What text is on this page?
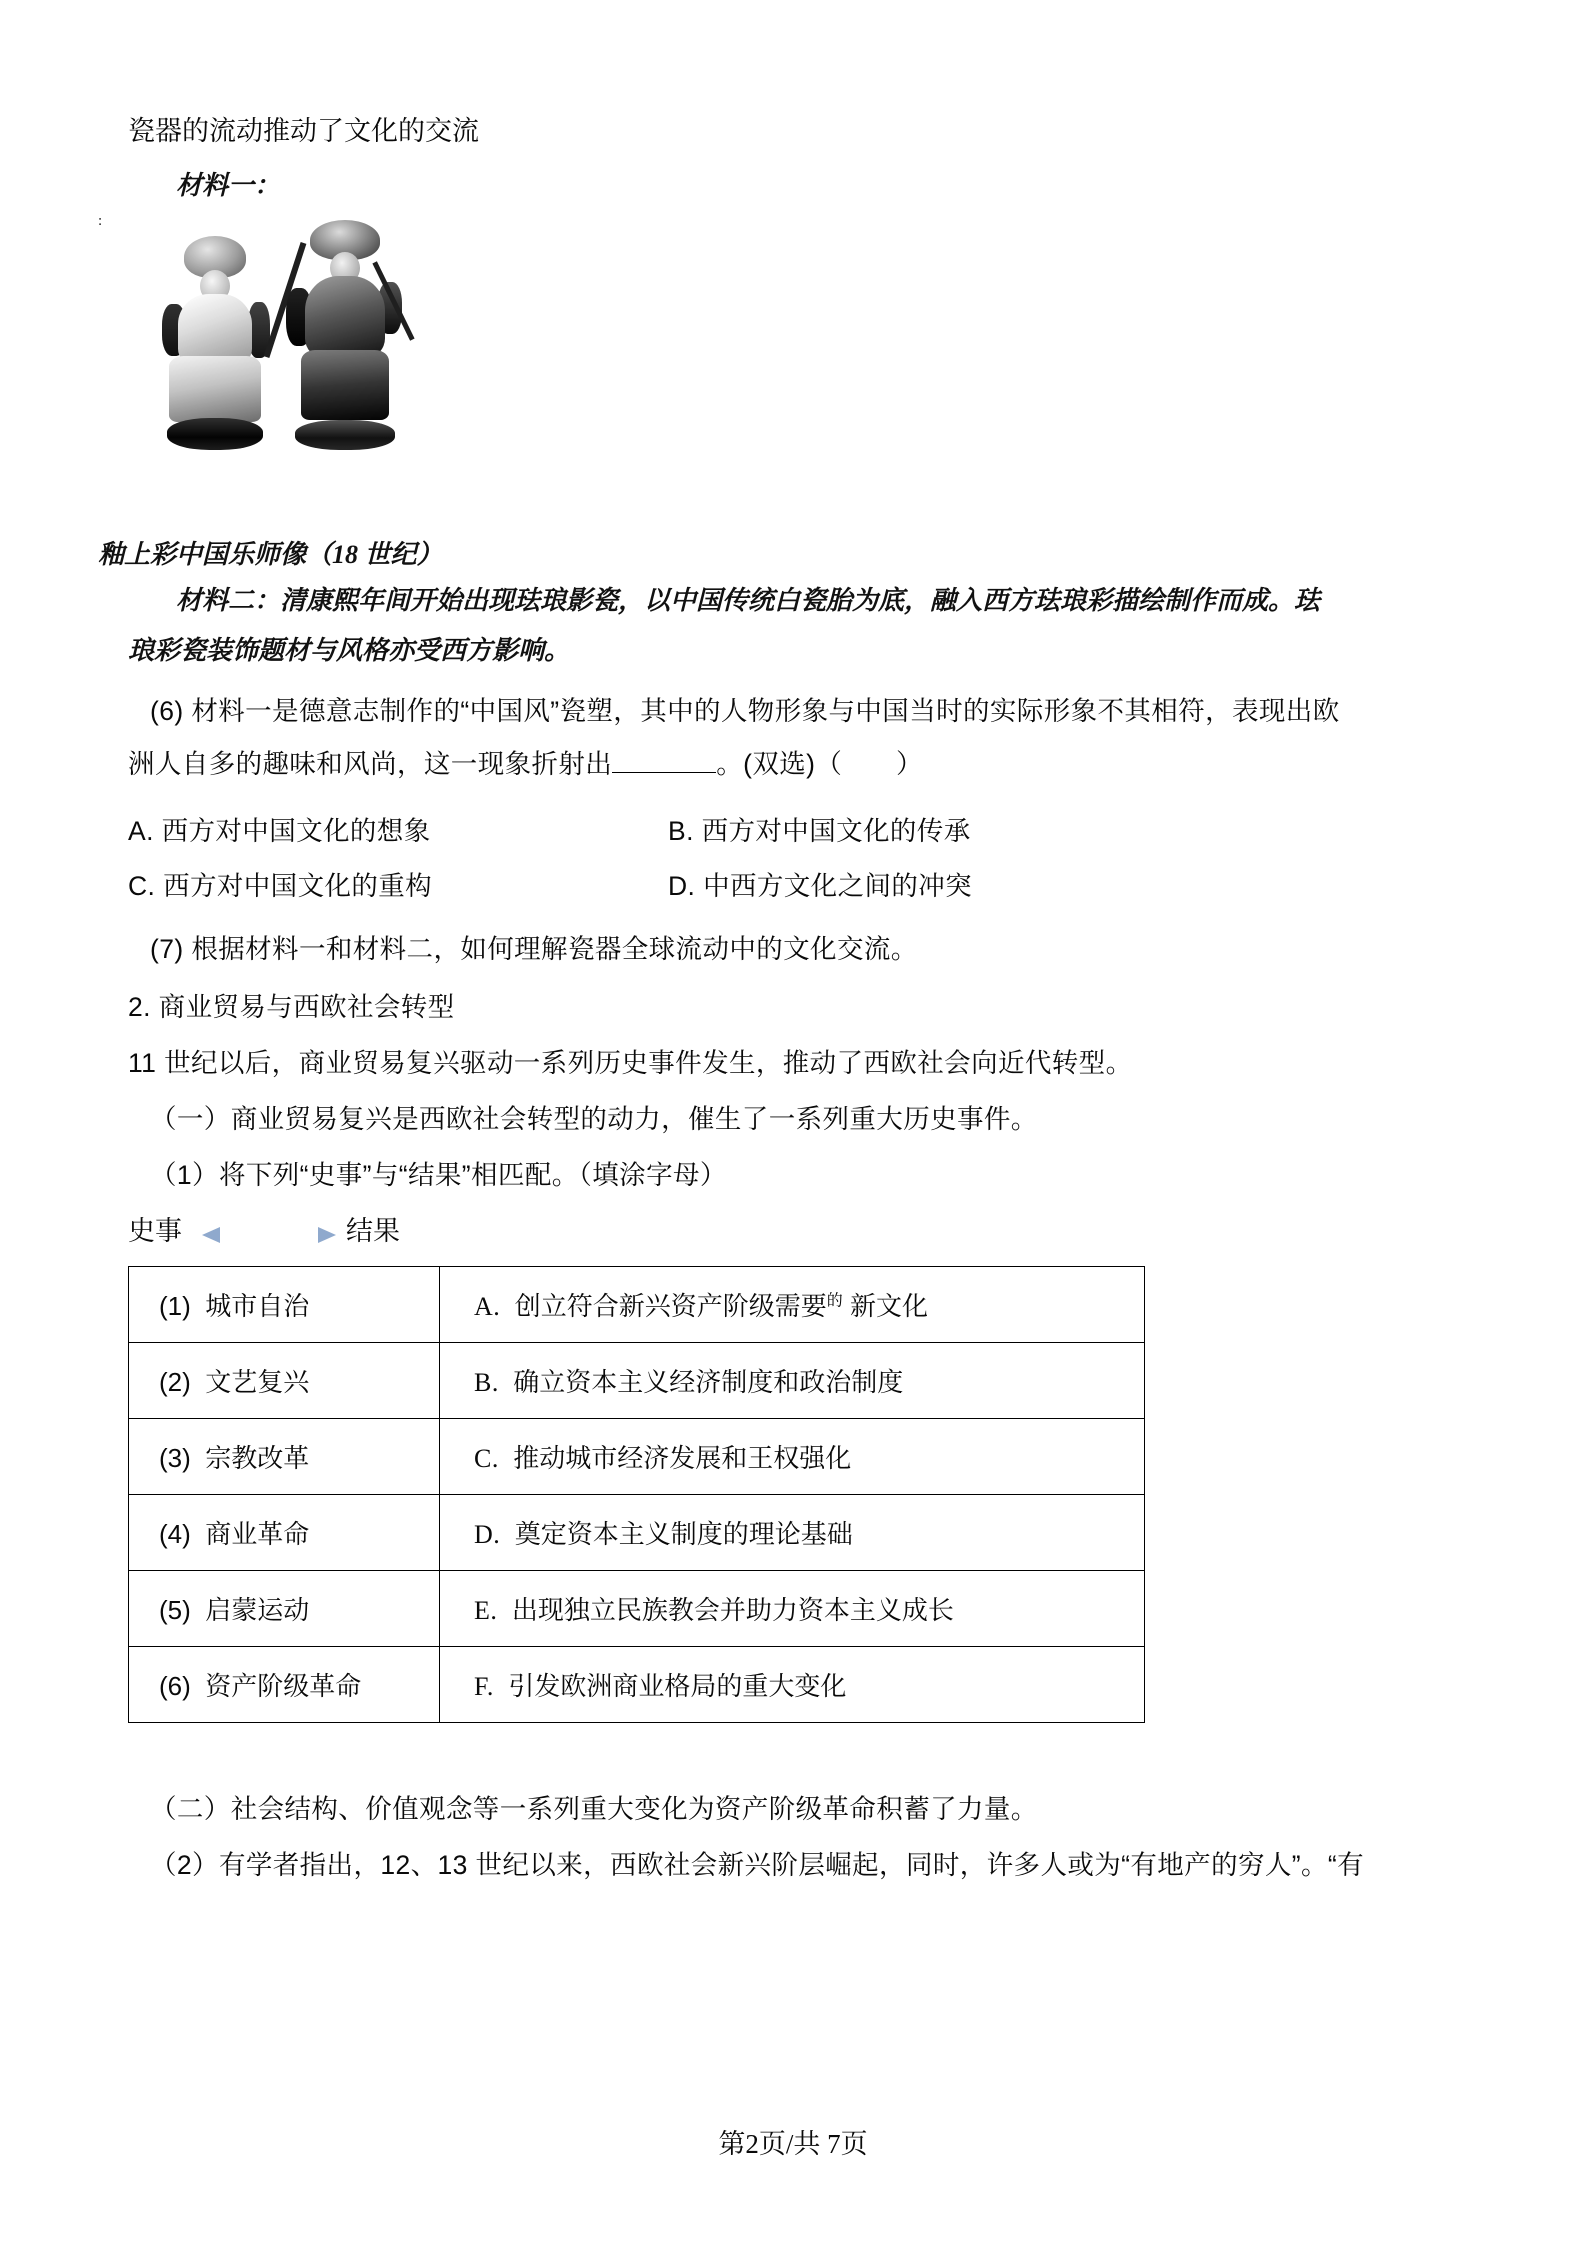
瓷器的流动推动了文化的交流
材料一：
:
釉上彩中国乐师像（18 世纪）
材料二：清康熙年间开始出现珐琅影瓷，以中国传统白瓷胎为底，融入西方珐琅彩描绘制作而成。珐
琅彩瓷装饰题材与风格亦受西方影响。
(6) 材料一是德意志制作的“中国风”瓷塑，其中的人物形象与中国当时的实际形象不其相符，表现出欧
洲人自多的趣味和风尚，这一现象折射出	。(双选)（　　）
A. 西方对中国文化的想象	B. 西方对中国文化的传承
C. 西方对中国文化的重构	D. 中西方文化之间的冲突
(7) 根据材料一和材料二，如何理解瓷器全球流动中的文化交流。
2. 商业贸易与西欧社会转型
11 世纪以后，商业贸易复兴驱动一系列历史事件发生，推动了西欧社会向近代转型。
（一）商业贸易复兴是西欧社会转型的动力，催生了一系列重大历史事件。
（1）将下列“史事”与“结果”相匹配。（填涂字母）
史事	结果
(1) 城市自治	A. 创立符合新兴资产阶级需要$^的$ 新文化
(2) 文艺复兴	B. 确立资本主义经济制度和政治制度
(3) 宗教改革	C. 推动城市经济发展和王权强化
(4) 商业革命	D. 奠定资本主义制度的理论基础
(5) 启蒙运动	E. 出现独立民族教会并助力资本主义成长
(6) 资产阶级革命	F. 引发欧洲商业格局的重大变化
（二）社会结构、价值观念等一系列重大变化为资产阶级革命积蓄了力量。
（2）有学者指出，12、13 世纪以来，西欧社会新兴阶层崛起，同时，许多人或为“有地产的穷人”。“有
第2页/共 7页
